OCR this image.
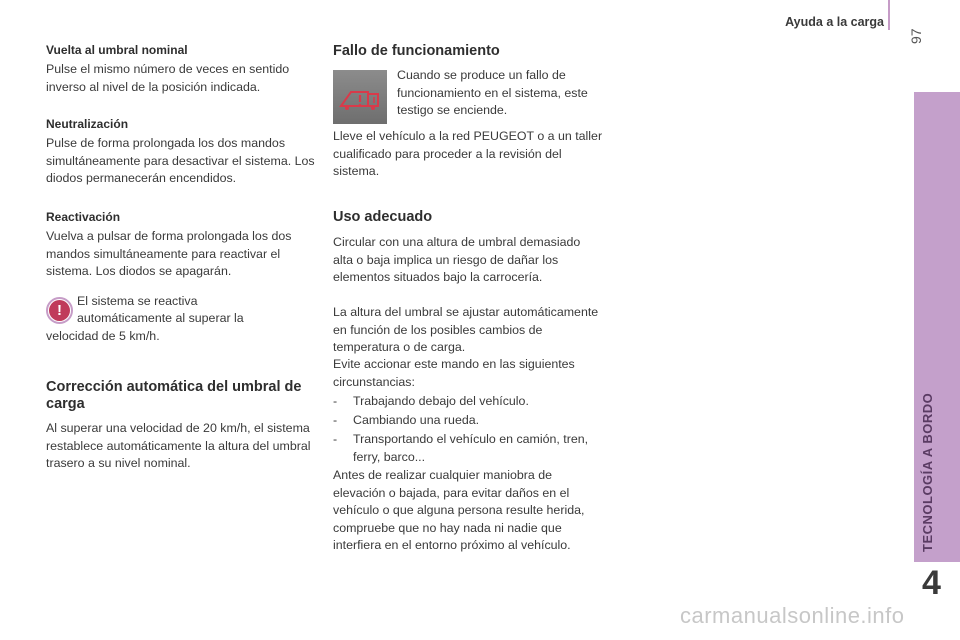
Ayuda a la carga
97
TECNOLOGÍA A BORDO
4
Vuelta al umbral nominal

Pulse el mismo número de veces en sentido inverso al nivel de la posición indicada.

Neutralización

Pulse de forma prolongada los dos mandos simultáneamente para desactivar el sistema. Los diodos permanecerán encendidos.

Reactivación

Vuelva a pulsar de forma prolongada los dos mandos simultáneamente para reactivar el sistema. Los diodos se apagarán.

!

El sistema se reactiva

automáticamente al superar la

velocidad de 5 km/h.

Corrección automática del umbral de carga

Al superar una velocidad de 20 km/h, el sistema restablece automáticamente la altura del umbral trasero a su nivel nominal.

Fallo de funcionamiento

Cuando se produce un fallo de funcionamiento en el sistema, este testigo se enciende.

Lleve el vehículo a la red PEUGEOT o a un taller cualificado para proceder a la revisión del sistema.

Uso adecuado

Circular con una altura de umbral demasiado alta o baja implica un riesgo de dañar los elementos situados bajo la carrocería.

La altura del umbral se ajustar automáticamente en función de los posibles cambios de temperatura o de carga.

Evite accionar este mando en las siguientes circunstancias:

-	Trabajando debajo del vehículo.

-	Cambiando una rueda.

-	Transportando el vehículo en camión, tren, ferry, barco...

Antes de realizar cualquier maniobra de elevación o bajada, para evitar daños en el vehículo o que alguna persona resulte herida, compruebe que no hay nada ni nadie que interfiera en el entorno próximo al vehículo.

carmanualsonline.info
